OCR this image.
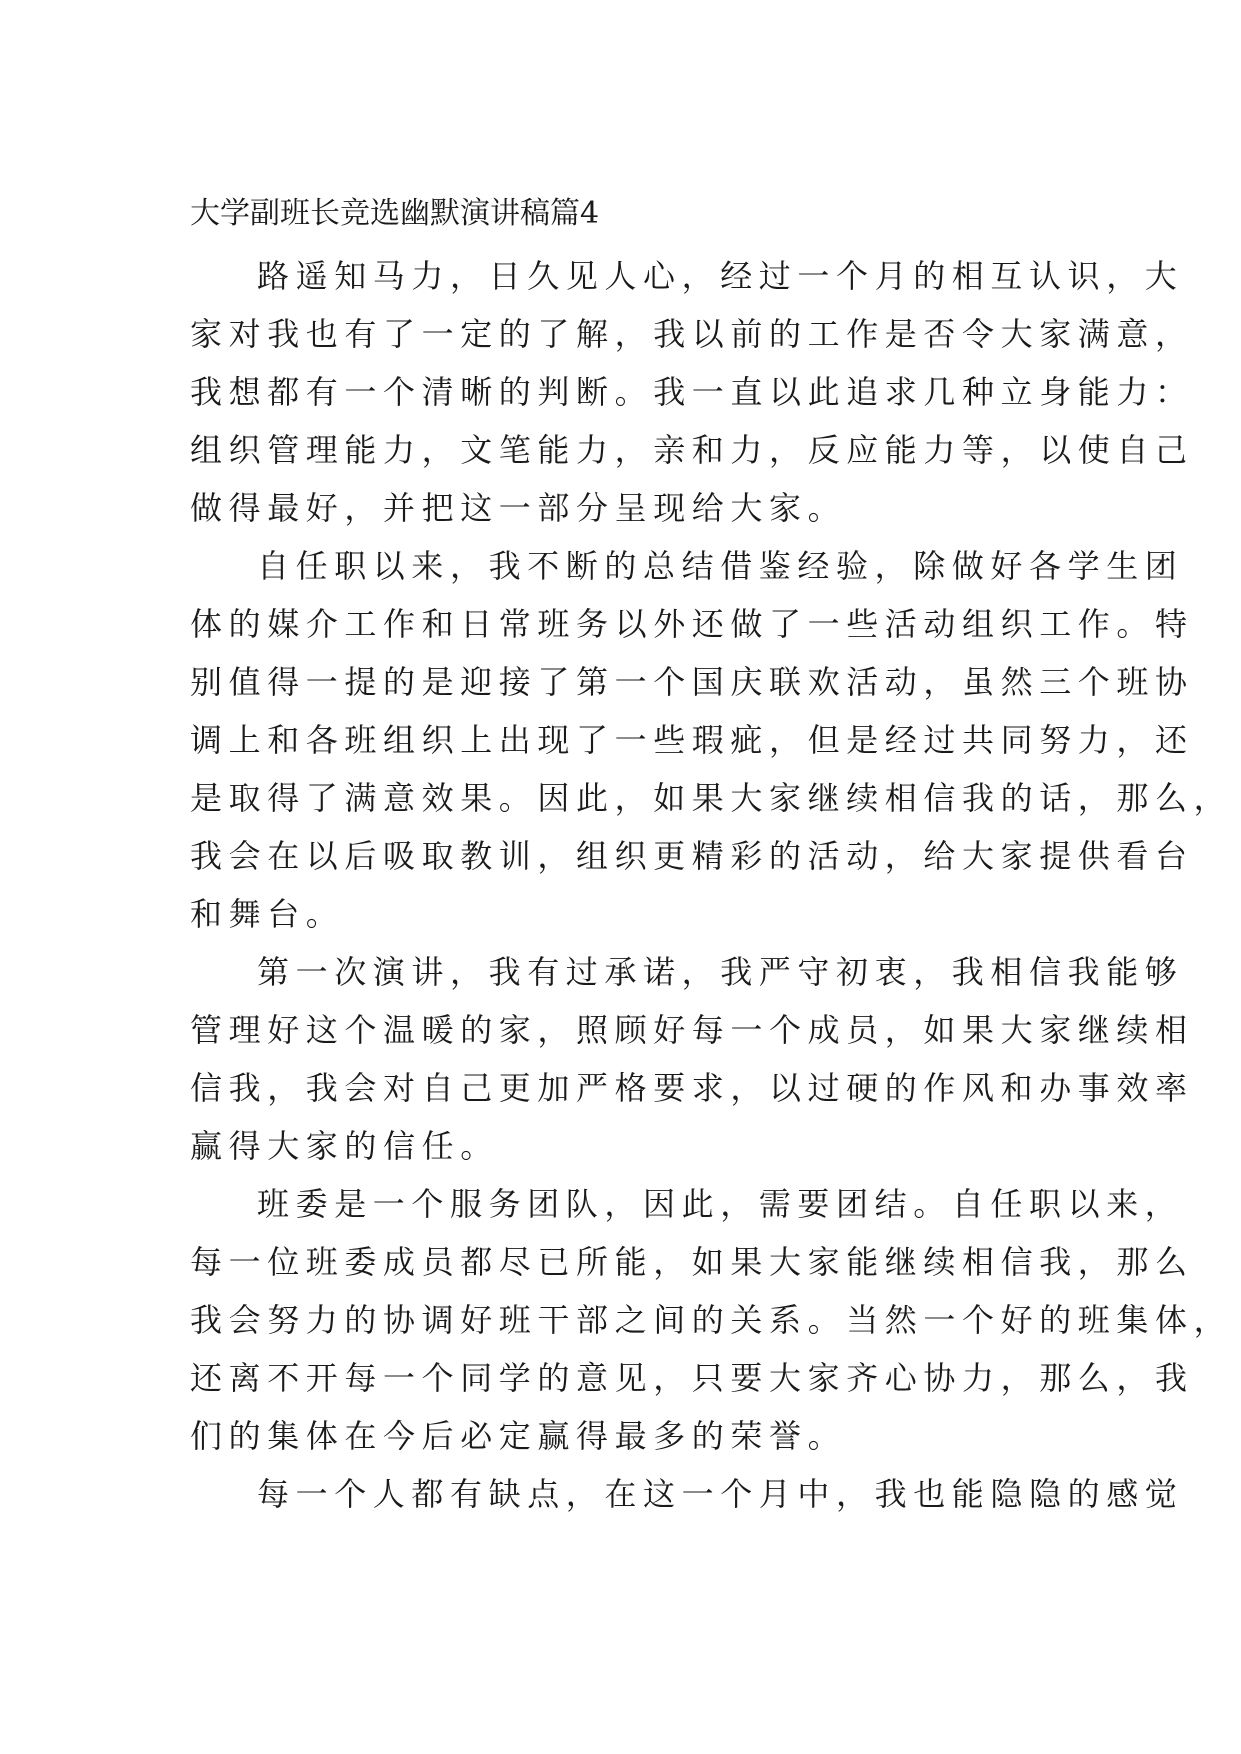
大学副班长竞选幽默演讲稿篇4
路遥知马力，日久见人心，经过一个月的相互认识，大
家对我也有了一定的了解，我以前的工作是否令大家满意，
我想都有一个清晰的判断。我一直以此追求几种立身能力：
组织管理能力，文笔能力，亲和力，反应能力等，以使自己
做得最好，并把这一部分呈现给大家。
自任职以来，我不断的总结借鉴经验，除做好各学生团
体的媒介工作和日常班务以外还做了一些活动组织工作。特
别值得一提的是迎接了第一个国庆联欢活动，虽然三个班协
调上和各班组织上出现了一些瑕疵，但是经过共同努力，还
是取得了满意效果。因此，如果大家继续相信我的话，那么，
我会在以后吸取教训，组织更精彩的活动，给大家提供看台
和舞台。
第一次演讲，我有过承诺，我严守初衷，我相信我能够
管理好这个温暖的家，照顾好每一个成员，如果大家继续相
信我，我会对自己更加严格要求，以过硬的作风和办事效率
赢得大家的信任。
班委是一个服务团队，因此，需要团结。自任职以来，
每一位班委成员都尽已所能，如果大家能继续相信我，那么
我会努力的协调好班干部之间的关系。当然一个好的班集体，
还离不开每一个同学的意见，只要大家齐心协力，那么，我
们的集体在今后必定赢得最多的荣誉。
每一个人都有缺点，在这一个月中，我也能隐隐的感觉
